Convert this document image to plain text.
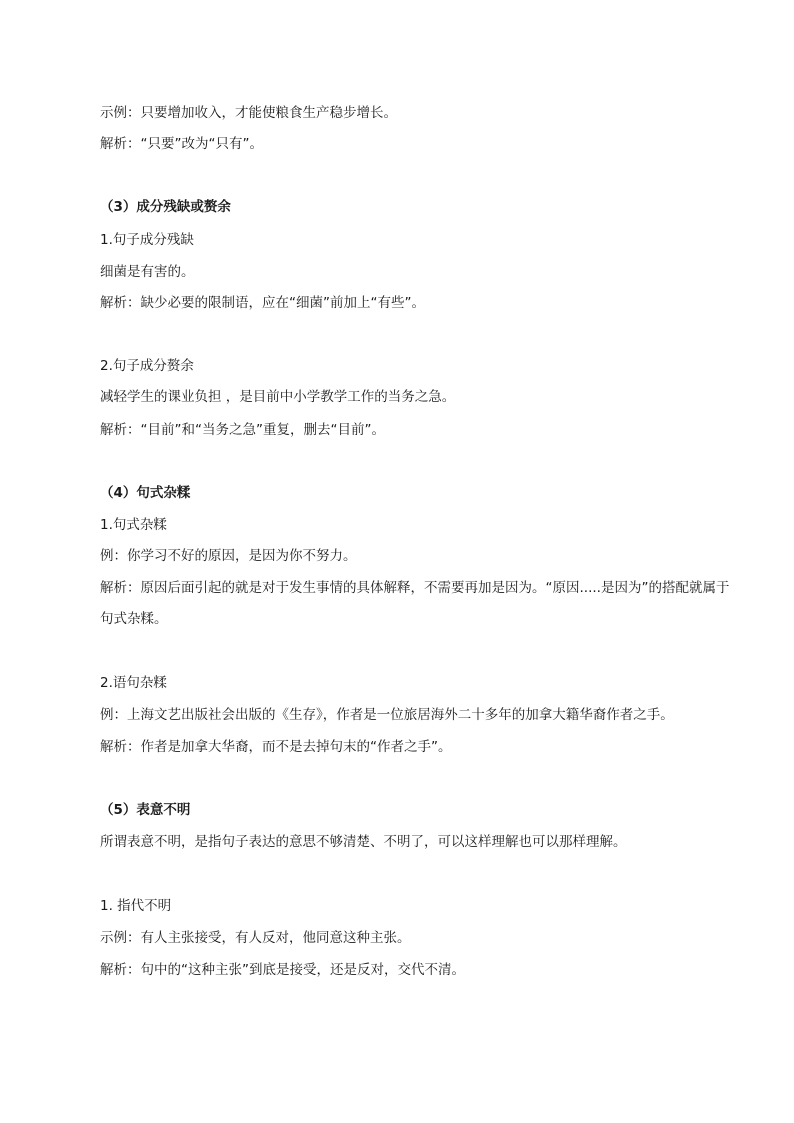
示例：只要增加收入，才能使粮食生产稳步增长。
解析：“只要”改为“只有”。
（3）成分残缺或赘余
1.句子成分残缺
细菌是有害的。
解析：缺少必要的限制语，应在“细菌”前加上“有些”。
2.句子成分赘余
减轻学生的课业负担 ，是目前中小学教学工作的当务之急。
解析：“目前”和“当务之急”重复，删去“目前”。
（4）句式杂糅
1.句式杂糅
例：你学习不好的原因，是因为你不努力。
解析：原因后面引起的就是对于发生事情的具体解释，不需要再加是因为。“原因.....是因为”的搭配就属于句式杂糅。
2.语句杂糅
例：上海文艺出版社会出版的《生存》，作者是一位旅居海外二十多年的加拿大籍华裔作者之手。
解析：作者是加拿大华裔，而不是去掉句末的“作者之手”。
（5）表意不明
所谓表意不明，是指句子表达的意思不够清楚、不明了，可以这样理解也可以那样理解。
1. 指代不明
示例：有人主张接受，有人反对，他同意这种主张。
解析：句中的“这种主张”到底是接受，还是反对，交代不清。
